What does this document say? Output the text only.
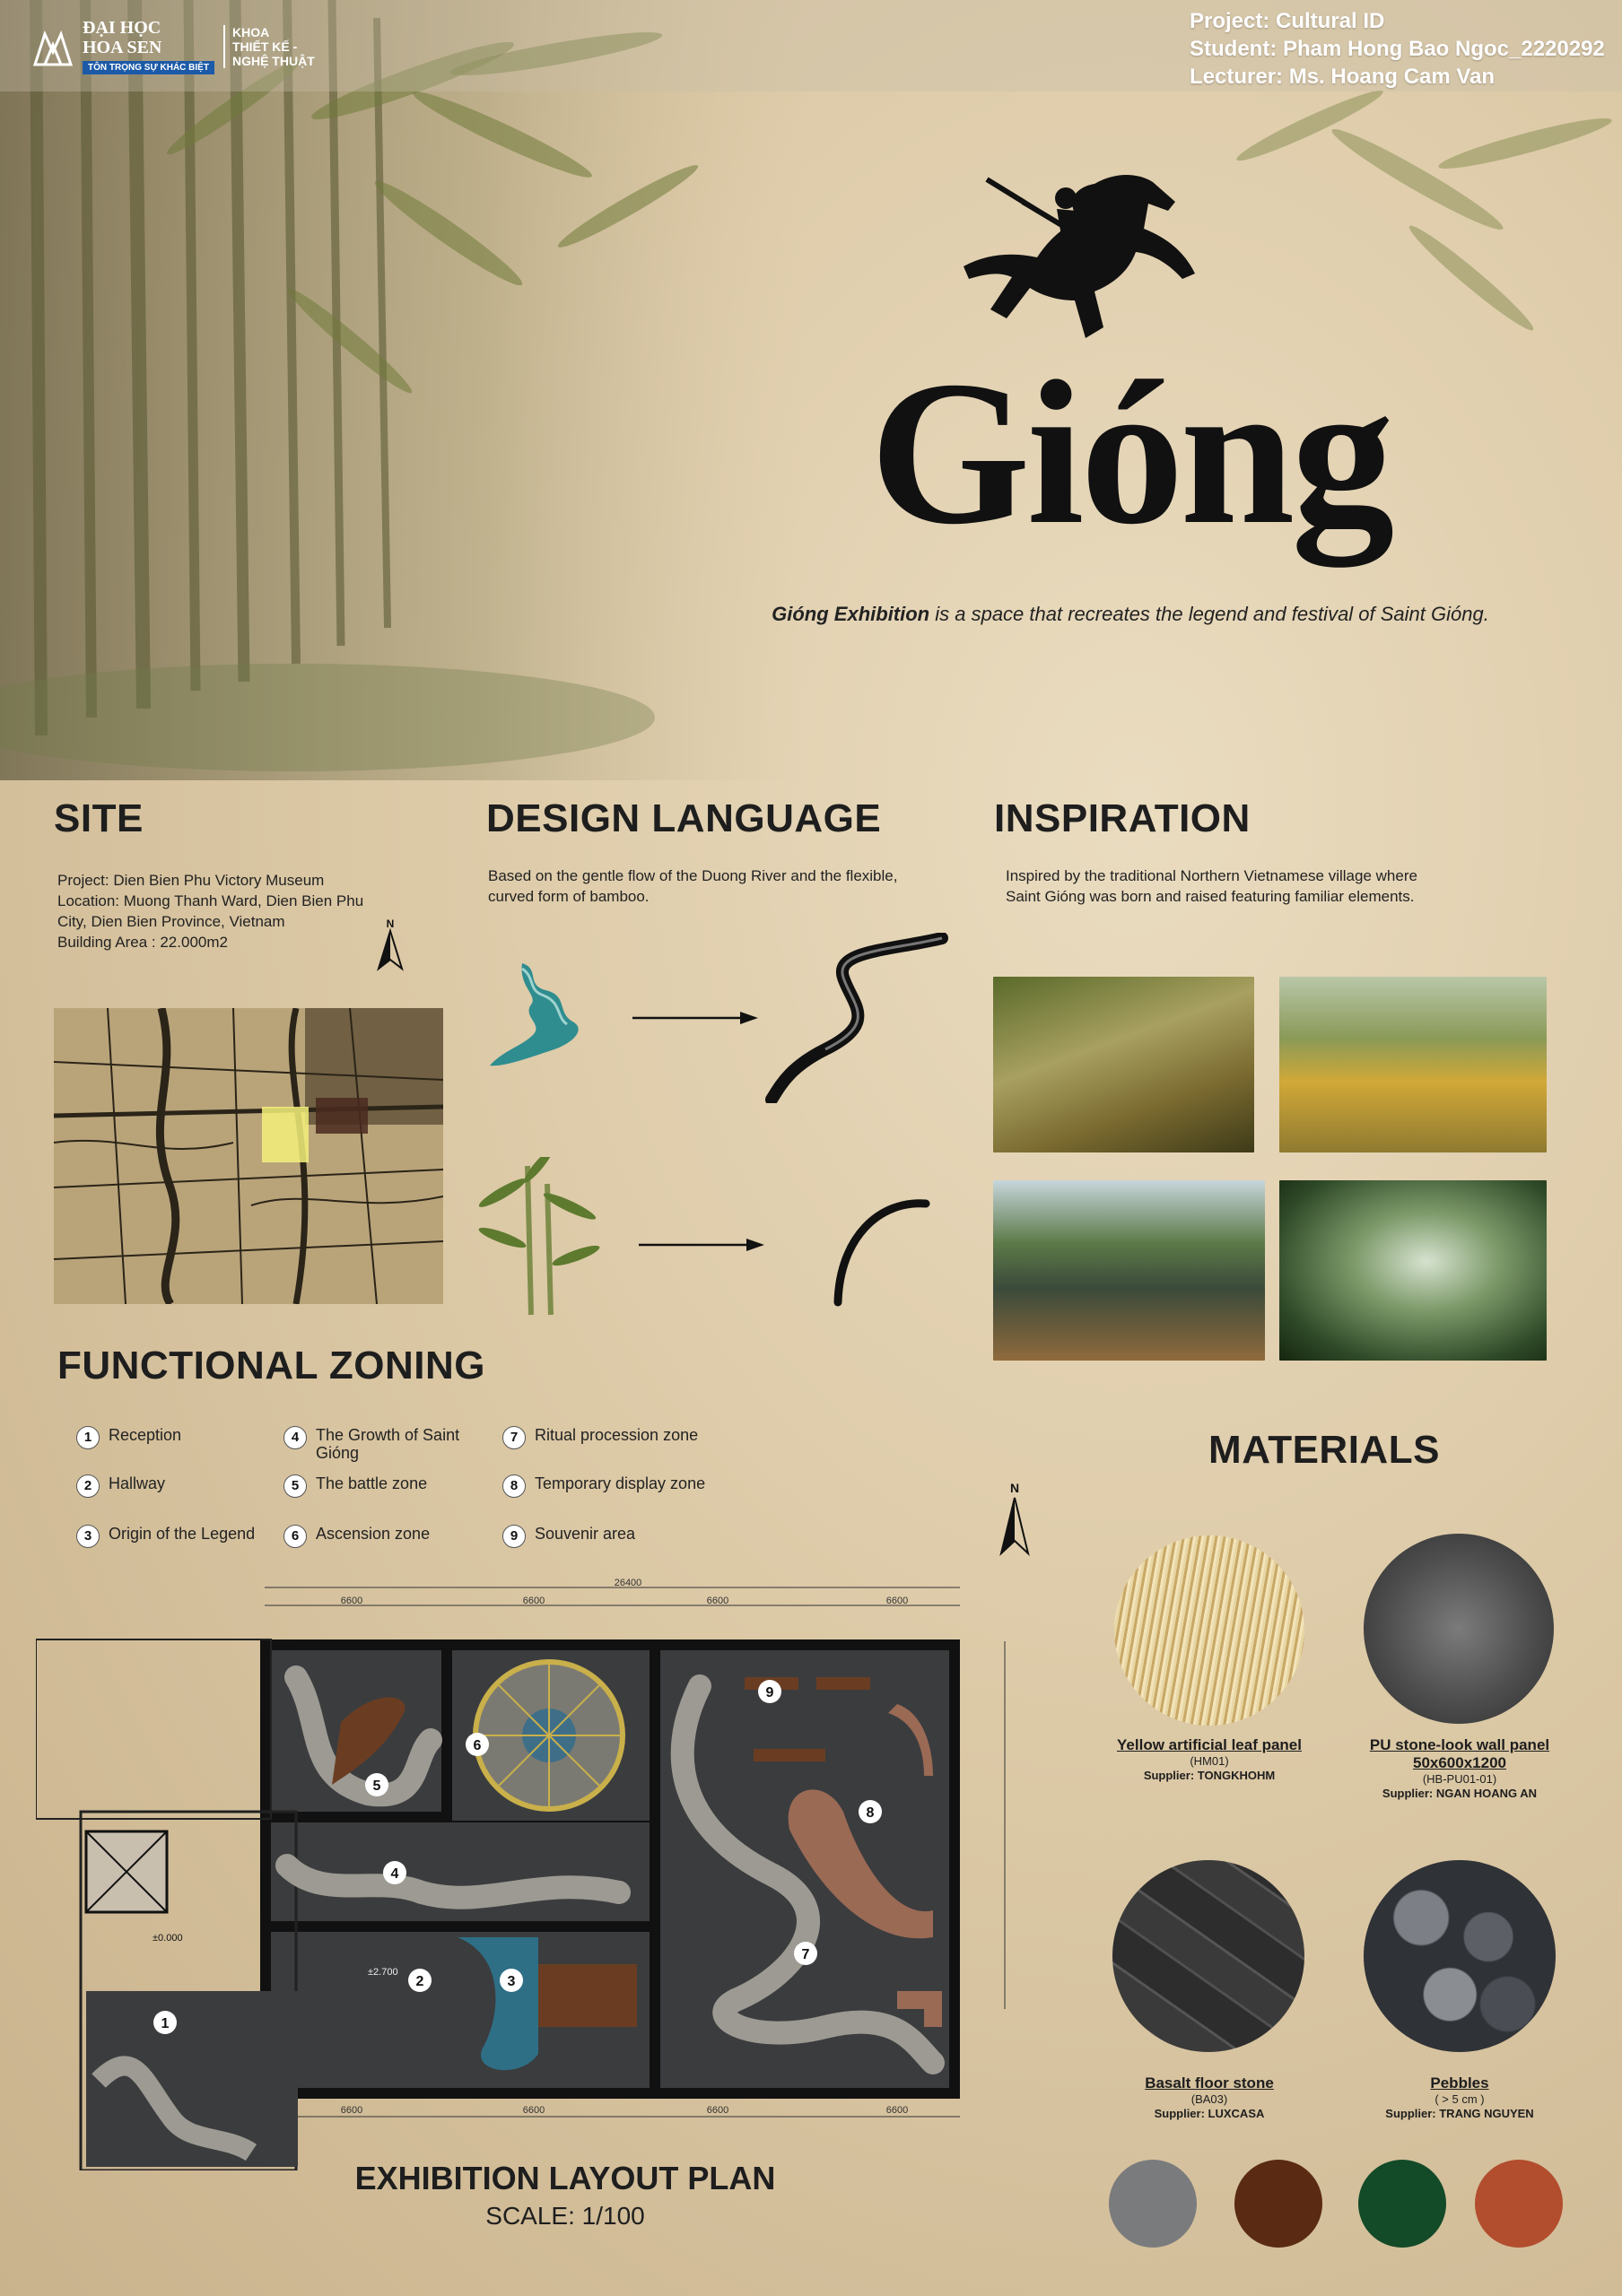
ĐẠI HỌC
HOA SEN
TÔN TRỌNG SỰ KHÁC BIỆT
KHOA
THIẾT KẾ -
NGHỆ THUẬT
Project: Cultural ID
Student: Pham Hong Bao Ngoc_2220292
Lecturer: Ms. Hoang Cam Van
Gióng
Gióng Exhibition is a space that recreates the legend and festival of Saint Gióng.
SITE
Project: Dien Bien Phu Victory Museum
Location: Muong Thanh Ward, Dien Bien Phu City, Dien Bien Province, Vietnam
Building Area : 22.000m2
N
DESIGN LANGUAGE
Based on the gentle flow of the Duong River and the flexible, curved form of bamboo.
INSPIRATION
Inspired by the traditional Northern Vietnamese village where Saint Gióng was born and raised featuring familiar elements.
FUNCTIONAL ZONING
1	Reception
2	Hallway
3	Origin of the Legend
4	The Growth of Saint Gióng
5	The battle zone
6	Ascension zone
7	Ritual procession zone
8	Temporary display zone
9	Souvenir area
N
26400
6600	6600	6600	6600
6600	6600	6600	6600
±0.000
±2.700
1
2	3
4
5
6
7
8
9
EXHIBITION LAYOUT PLAN
SCALE: 1/100
MATERIALS
Yellow artificial leaf panel
(HM01)
Supplier: TONGKHOHM
PU stone-look wall panel 50x600x1200
(HB-PU01-01)
Supplier: NGAN HOANG AN
Basalt floor stone
(BA03)
Supplier: LUXCASA
Pebbles
( > 5 cm )
Supplier: TRANG NGUYEN
